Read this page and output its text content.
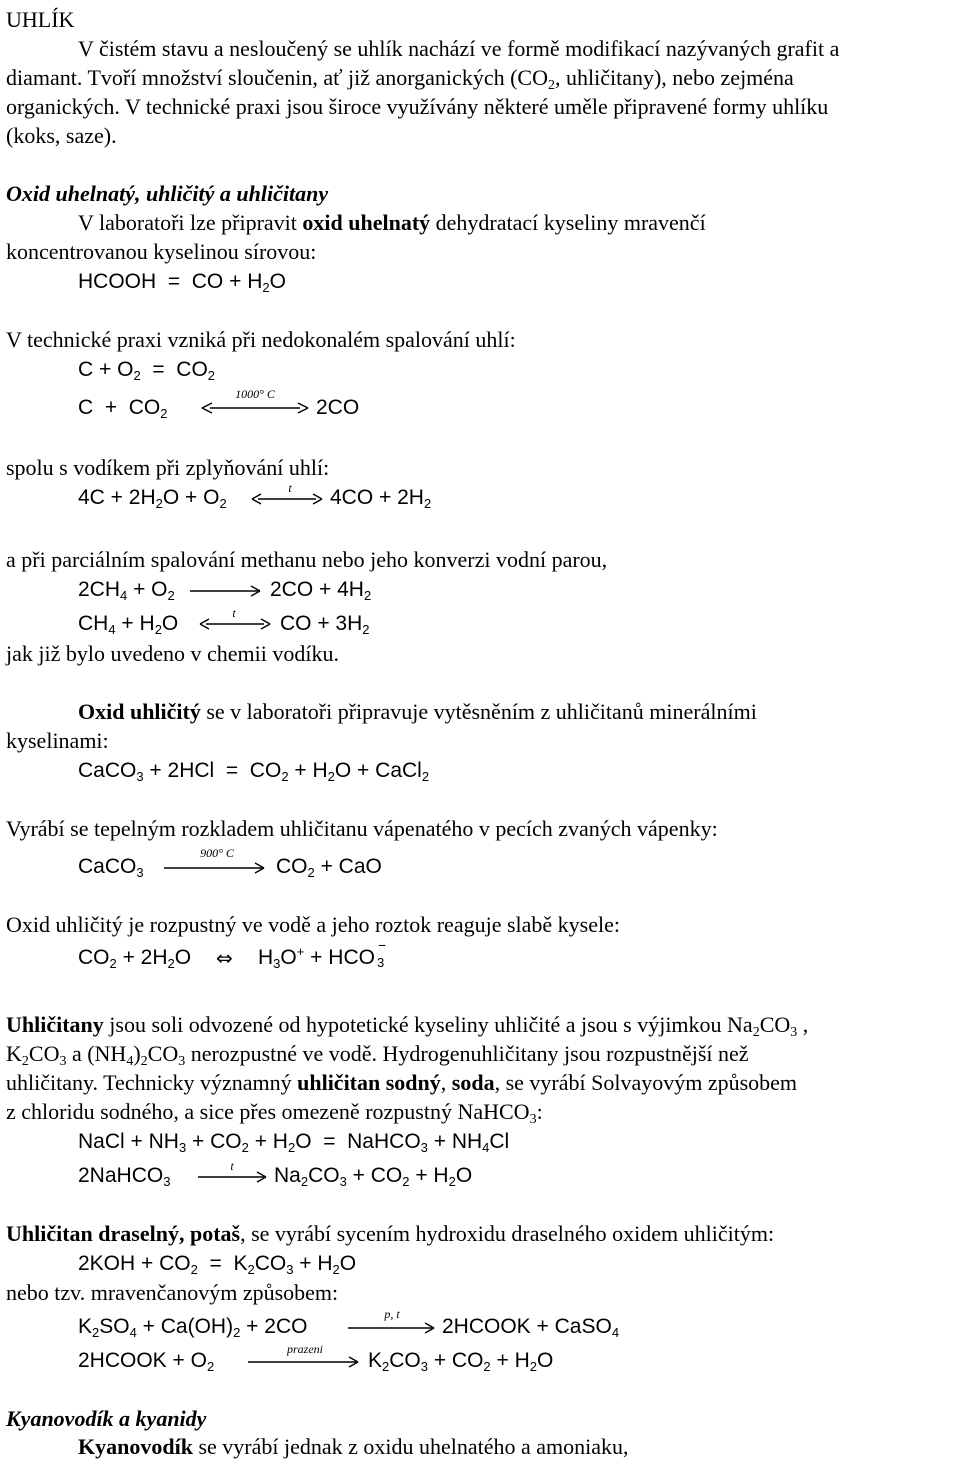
UHLÍK
V čistém stavu a nesloučený se uhlík nachází ve formě modifikací nazývaných grafit a
diamant. Tvoří množství sloučenin, ať již anorganických ($CO_2$, uhličitany), nebo zejména
organických. V technické praxi jsou široce využívány některé uměle připravené formy uhlíku
(koks, saze).
Oxid uhelnatý, uhličitý a uhličitany
V laboratoři lze připravit oxid uhelnatý dehydratací kyseliny mravenčí
koncentrovanou kyselinou sírovou:
HCOOH  =  CO + $H_2O$
V technické praxi vzniká při nedokonalém spalování uhlí:
$C + O_2 = CO_2$
$C + CO_2$
1000° C
2CO
spolu s vodíkem při zplyňování uhlí:
$4C + 2H_2O + O_2$
t	$4CO + 2H_2$
a při parciálním spalování methanu nebo jeho konverzi vodní parou,
$2CH_4 + O_2$	$2CO + 4H_2$
$CH_4 + H_2O$	t	CO + $3H_2$
jak již bylo uvedeno v chemii vodíku.
Oxid uhličitý se v laboratoři připravuje vytěsněním z uhličitanů minerálními
kyselinami:
CaCO$_3$ + $2HCl = CO_2 + H_2O$ + CaCl$_2$
Vyrábí se tepelným rozkladem uhličitanu vápenatého v pecích zvaných vápenky:
CaCO$_3$
900° C
$CO_2$ + CaO
Oxid uhličitý je rozpustný ve vodě a jeho roztok reaguje slabě kysele:
$CO_2 + 2H_2O$ ⇔ $H_3O^+$ + HCO
−
3
Uhličitany jsou soli odvozené od hypotetické kyseliny uhličité a jsou s výjimkou $Na_2CO_3$ ,
$K_2CO_3$ a $(NH_4)_2CO_3$ nerozpustné ve vodě. Hydrogenuhličitany jsou rozpustnější než
uhličitany. Technicky významný uhličitan sodný, soda, se vyrábí Solvayovým způsobem
z chloridu sodného, a sice přes omezeně rozpustný NaHCO$_3$:
NaCl + $NH_3 + CO_2 + H_2O$  =  NaHCO$_3$ + $NH_4Cl$
2NaHCO$_3$
t	$Na_2CO_3 + CO_2 + H_2O$
Uhličitan draselný, potaš, se vyrábí sycením hydroxidu draselného oxidem uhličitým:
$2KOH + CO_2 = K_2CO_3 + H_2O$
nebo tzv. mravenčanovým způsobem:
$K_2SO_4 + Ca(OH)_2 + 2CO$
p, t
2HCOOK + CaSO$_4$
2HCOOK + $O_2$
prazeni	$K_2CO_3 + CO_2 + H_2O$
Kyanovodík a kyanidy
Kyanovodík se vyrábí jednak z oxidu uhelnatého a amoniaku,
